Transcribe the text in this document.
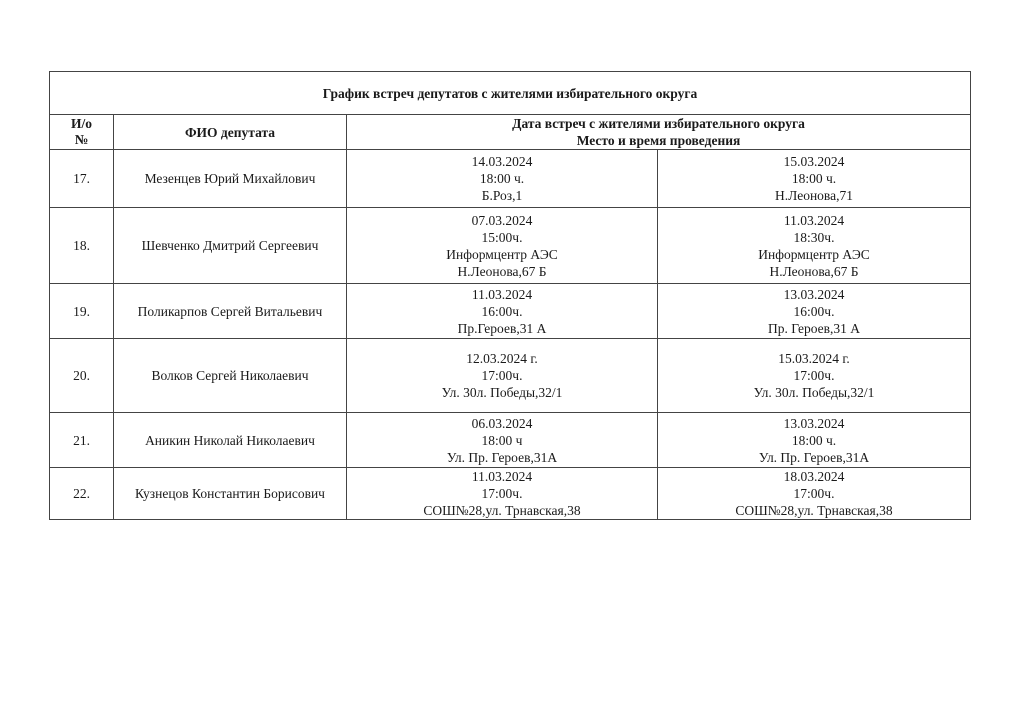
График встреч депутатов с жителями избирательного округа			

И/о
№	ФИО депутата	Дата встреч с жителями избирательного округа
Место и время проведения	

17.	Мезенцев Юрий Михайлович	14.03.2024
18:00 ч.
Б.Роз,1	15.03.2024
18:00 ч.
Н.Леонова,71

18.	Шевченко Дмитрий Сергеевич	07.03.2024
15:00ч.
Информцентр АЭС
Н.Леонова,67 Б	11.03.2024
18:30ч.
Информцентр АЭС
Н.Леонова,67 Б

19.	Поликарпов Сергей Витальевич	11.03.2024
16:00ч.
Пр.Героев,31 А	13.03.2024
16:00ч.
Пр. Героев,31 А

20.	Волков Сергей Николаевич	12.03.2024 г.
17:00ч.
Ул. 30л. Победы,32/1	15.03.2024 г.
17:00ч.
Ул. 30л. Победы,32/1

21.	Аникин Николай Николаевич	06.03.2024
18:00 ч
Ул. Пр. Героев,31А	13.03.2024
18:00 ч.
Ул. Пр. Героев,31А

22.	Кузнецов Константин Борисович	11.03.2024
17:00ч.
СОШ№28,ул. Трнавская,38	18.03.2024
17:00ч.
СОШ№28,ул. Трнавская,38
